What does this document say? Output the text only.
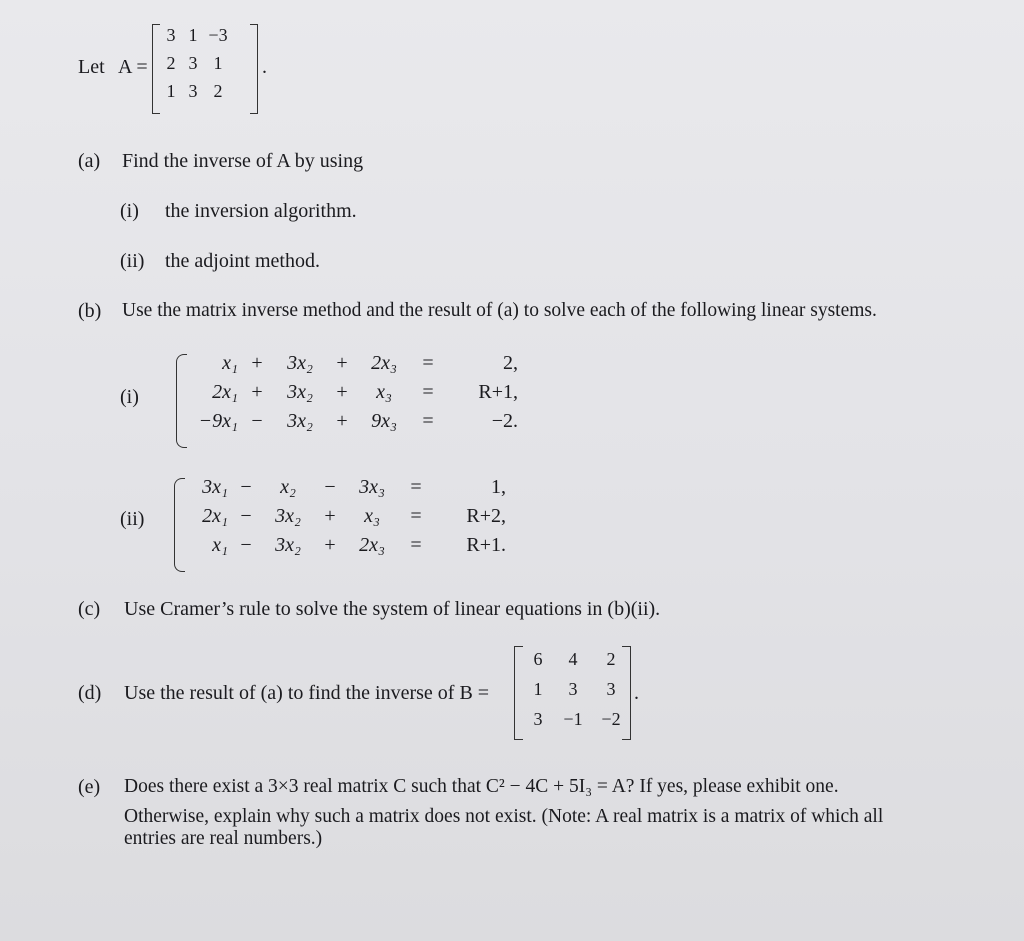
Let A =
3 1 −3
2 3 1
1 3 2
.
(a) Find the inverse of A by using
(i) the inversion algorithm.
(ii) the adjoint method.
(b) Use the matrix inverse method and the result of (a) to solve each of the following linear systems.
(i)
x₁ +	3x₂	+	2x₃	=	2,
2x₁ +	3x₂	+	x₃	=	R+1,
−9x₁ −	3x₂	+	9x₃	=	−2.
(ii)
3x₁ −	x₂	−	3x₃	=	1,
2x₁ −	3x₂	+	x₃	=	R+2,
x₁ −	3x₂	+	2x₃	=	R+1.
(c) Use Cramer’s rule to solve the system of linear equations in (b)(ii).
(d) Use the result of (a) to find the inverse of B =
6	4	2
1	3	3
3	−1	−2
.
(e) Does there exist a 3×3 real matrix C such that C² − 4C + 5I₃ = A? If yes, please exhibit one.
Otherwise, explain why such a matrix does not exist. (Note: A real matrix is a matrix of which all
entries are real numbers.)
